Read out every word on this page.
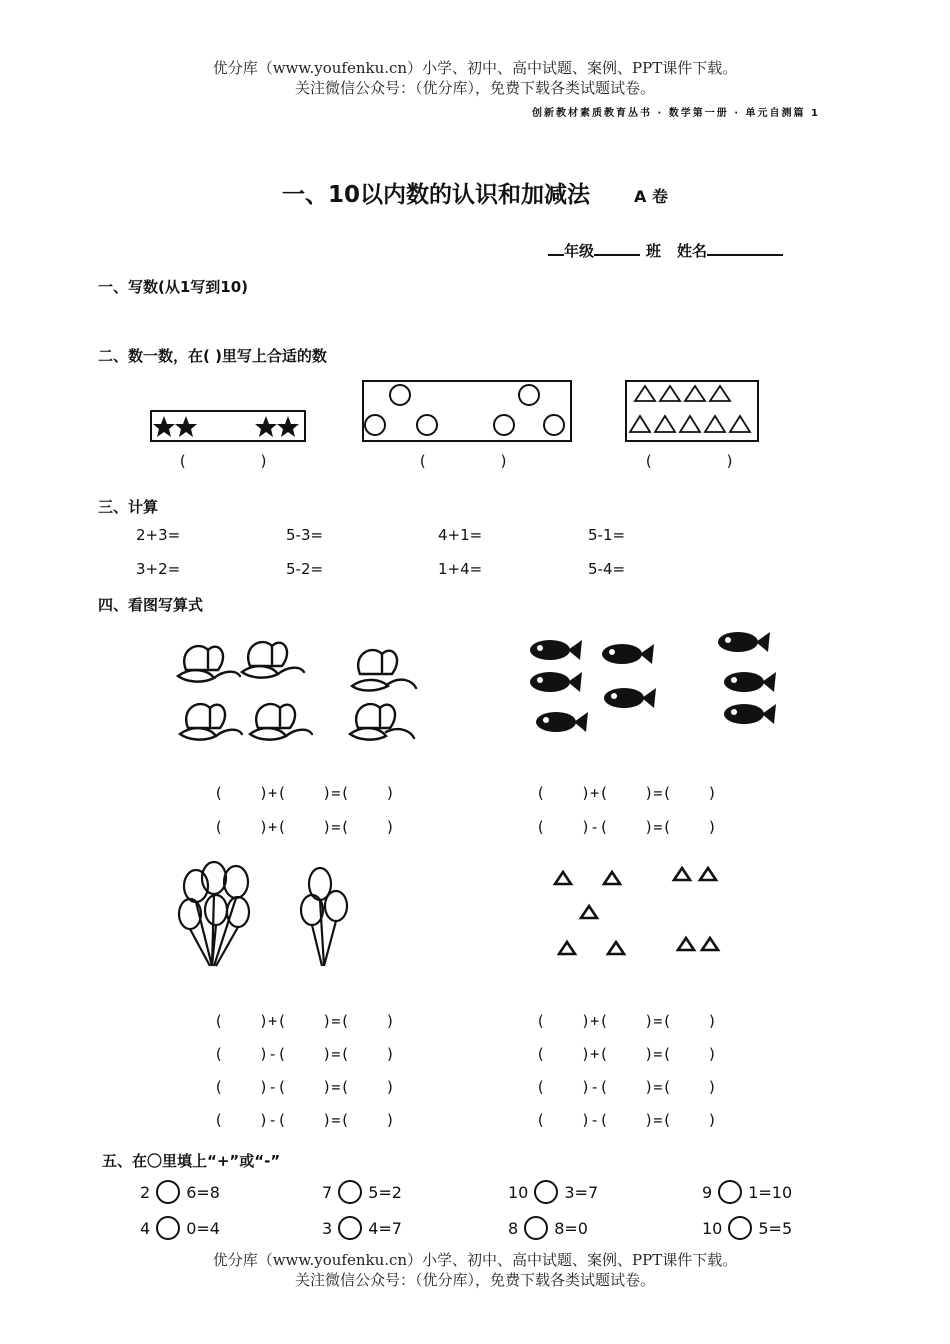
优分库（www.youfenku.cn）小学、初中、高中试题、案例、PPT课件下载。
关注微信公众号：（优分库），免费下载各类试题试卷。
创新教材素质教育丛书 · 数学第一册 · 单元自测篇 1
一、10以内数的认识和加减法	A 卷
年级	班 姓名
一、写数(从1写到10)
二、数一数，在( )里写上合适的数
(        )	(        )	(        )
三、计算
2+3=	5-3=	4+1=	5-1=
3+2=	5-2=	1+4=	5-4=
四、看图写算式
(    )+(    )=(    )
(    )+(    )=(    )
(    )+(    )=(    )
(    )-(    )=(    )
(    )+(    )=(    )
(    )-(    )=(    )
(    )-(    )=(    )
(    )-(    )=(    )
(    )+(    )=(    )
(    )+(    )=(    )
(    )-(    )=(    )
(    )-(    )=(    )
五、在〇里填上“+”或“-”
2 6=8	7 5=2	10 3=7	9 1=10
4 0=4	3 4=7	8 8=0	10 5=5
优分库（www.youfenku.cn）小学、初中、高中试题、案例、PPT课件下载。
关注微信公众号：（优分库），免费下载各类试题试卷。
